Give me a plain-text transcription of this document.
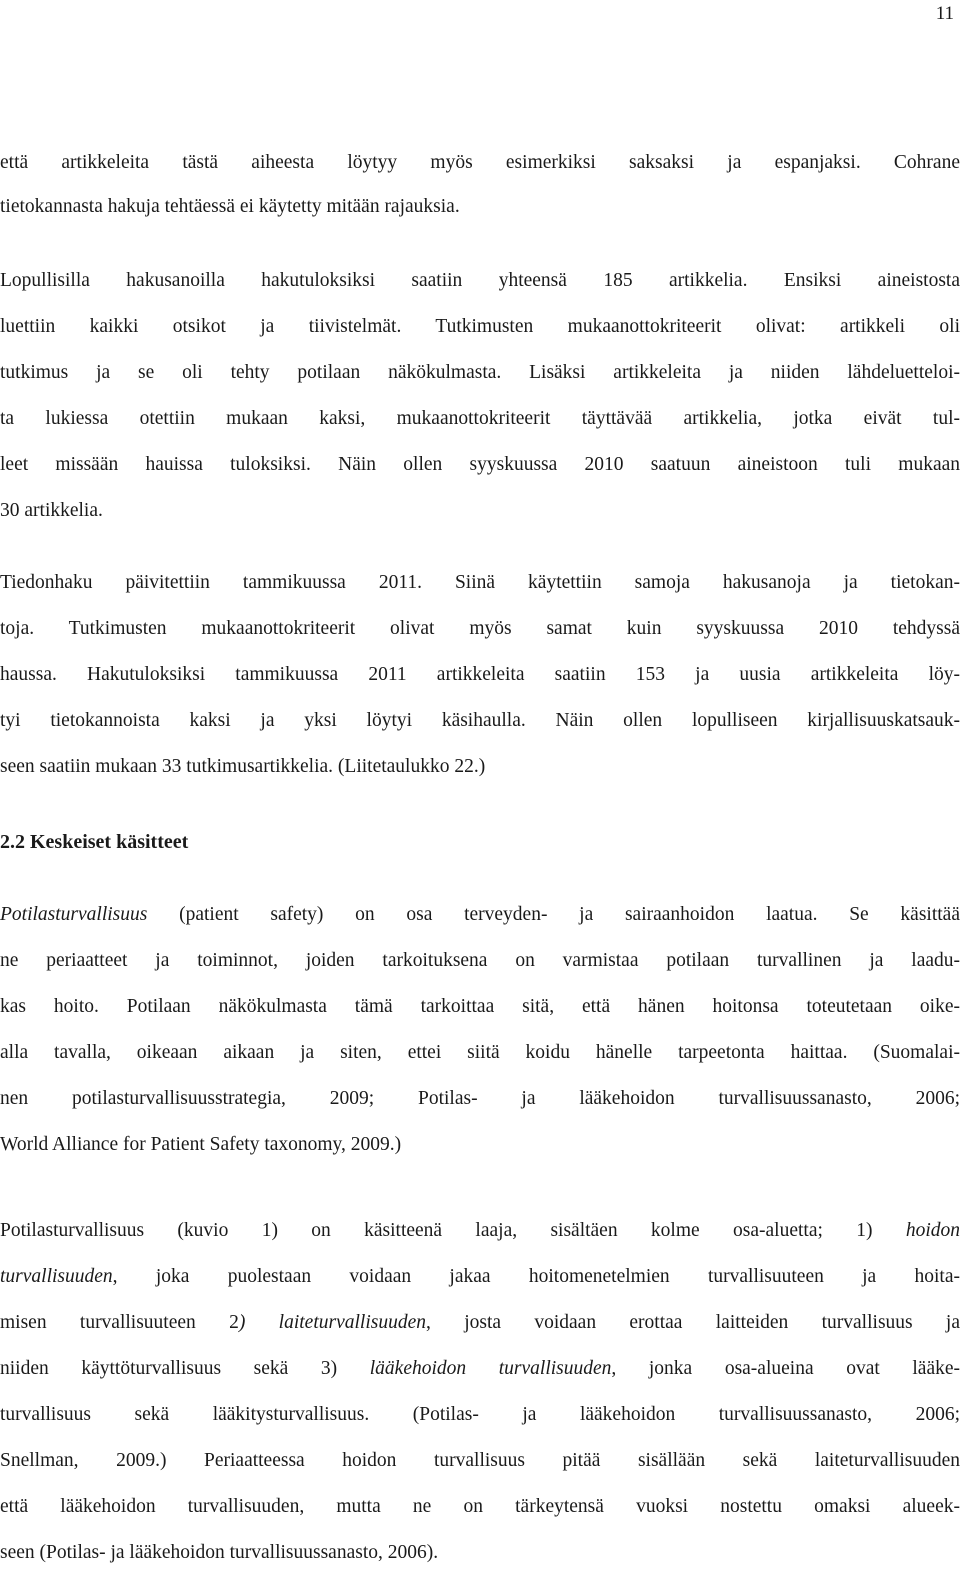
11
että artikkeleita tästä aiheesta löytyy myös esimerkiksi saksaksi ja espanjaksi. Cohrane
tietokannasta hakuja tehtäessä ei käytetty mitään rajauksia.
Lopullisilla hakusanoilla hakutuloksiksi saatiin yhteensä 185 artikkelia. Ensiksi aineistosta
luettiin kaikki otsikot ja tiivistelmät. Tutkimusten mukaanottokriteerit olivat: artikkeli oli
tutkimus ja se oli tehty potilaan näkökulmasta. Lisäksi artikkeleita ja niiden lähdeluetteloi-
ta lukiessa otettiin mukaan kaksi, mukaanottokriteerit täyttävää artikkelia, jotka eivät tul-
leet missään hauissa tuloksiksi. Näin ollen syyskuussa 2010 saatuun aineistoon tuli mukaan
30 artikkelia.
Tiedonhaku päivitettiin tammikuussa 2011. Siinä käytettiin samoja hakusanoja ja tietokan-
toja. Tutkimusten mukaanottokriteerit olivat myös samat kuin syyskuussa 2010 tehdyssä
haussa. Hakutuloksiksi tammikuussa 2011 artikkeleita saatiin 153 ja uusia artikkeleita löy-
tyi tietokannoista kaksi ja yksi löytyi käsihaulla. Näin ollen lopulliseen kirjallisuuskatsauk-
seen saatiin mukaan 33 tutkimusartikkelia. (Liitetaulukko 22.)
2.2 Keskeiset käsitteet
Potilasturvallisuus (patient safety) on osa terveyden- ja sairaanhoidon laatua. Se käsittää
ne periaatteet ja toiminnot, joiden tarkoituksena on varmistaa potilaan turvallinen ja laadu-
kas hoito. Potilaan näkökulmasta tämä tarkoittaa sitä, että hänen hoitonsa toteutetaan oike-
alla tavalla, oikeaan aikaan ja siten, ettei siitä koidu hänelle tarpeetonta haittaa. (Suomalai-
nen potilasturvallisuusstrategia, 2009; Potilas- ja lääkehoidon turvallisuussanasto, 2006;
World Alliance for Patient Safety taxonomy, 2009.)
Potilasturvallisuus (kuvio 1) on käsitteenä laaja, sisältäen kolme osa-aluetta; 1) hoidon
turvallisuuden, joka puolestaan voidaan jakaa hoitomenetelmien turvallisuuteen ja hoita-
misen turvallisuuteen 2) laiteturvallisuuden, josta voidaan erottaa laitteiden turvallisuus ja
niiden käyttöturvallisuus sekä 3) lääkehoidon turvallisuuden, jonka osa-alueina ovat lääke-
turvallisuus sekä lääkitysturvallisuus. (Potilas- ja lääkehoidon turvallisuussanasto, 2006;
Snellman, 2009.) Periaatteessa hoidon turvallisuus pitää sisällään sekä laiteturvallisuuden
että lääkehoidon turvallisuuden, mutta ne on tärkeytensä vuoksi nostettu omaksi alueek-
seen (Potilas- ja lääkehoidon turvallisuussanasto, 2006).
